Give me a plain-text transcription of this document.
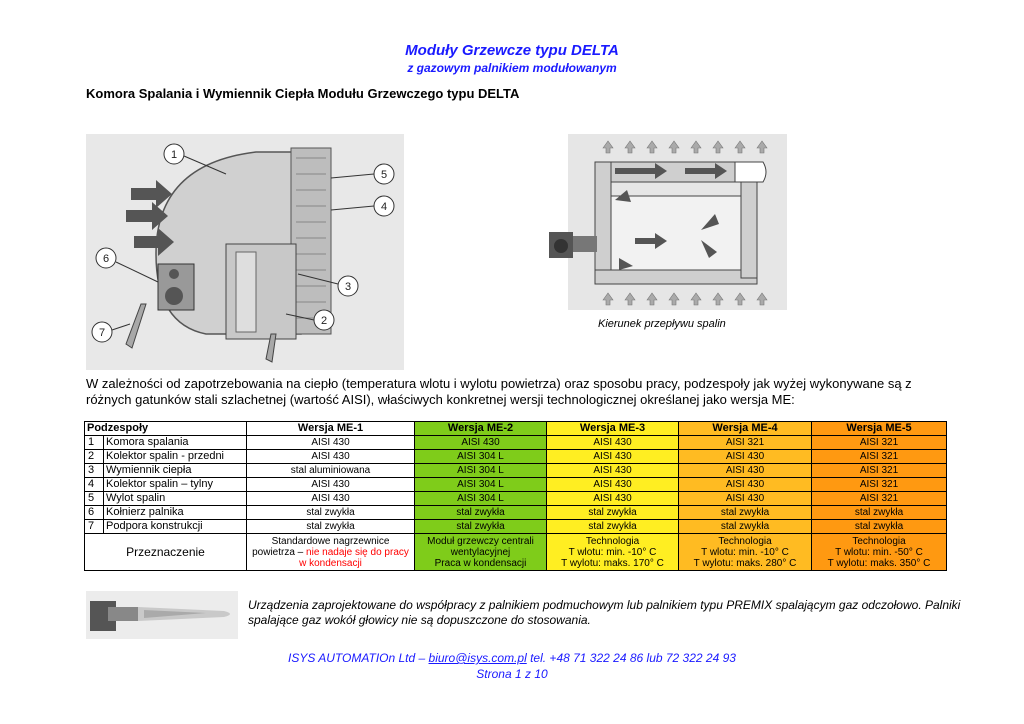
Moduły Grzewcze typu DELTA
z gazowym palnikiem modułowanym
Komora Spalania i Wymiennik Ciepła Modułu Grzewczego typu DELTA
1
5
4
6
3
2
7
Kierunek przepływu spalin
W zależności od zapotrzebowania na ciepło (temperatura wlotu i wylotu powietrza) oraz sposobu pracy, podzespoły jak wyżej wykonywane są z różnych gatunków stali szlachetnej (wartość AISI), właściwych konkretnej wersji technologicznej określanej jako wersja ME:
Podzespoły		Wersja ME-1	Wersja ME-2	Wersja ME-3	Wersja ME-4	Wersja ME-5
1	Komora spalania	AISI 430	AISI 430	AISI 430	AISI 321	AISI 321
2	Kolektor spalin - przedni	AISI 430	AISI 304 L	AISI 430	AISI 430	AISI 321
3	Wymiennik ciepła	stal aluminiowana	AISI 304 L	AISI 430	AISI 430	AISI 321
4	Kolektor spalin – tylny	AISI 430	AISI 304 L	AISI 430	AISI 430	AISI 321
5	Wylot spalin	AISI 430	AISI 304 L	AISI 430	AISI 430	AISI 321
6	Kołnierz palnika	stal zwykła	stal zwykła	stal zwykła	stal zwykła	stal zwykła
7	Podpora konstrukcji	stal zwykła	stal zwykła	stal zwykła	stal zwykła	stal zwykła
Przeznaczenie		Standardowe nagrzewnice
powietrza – nie nadaje się do pracy w kondensacji	Moduł grzewczy centrali
wentylacyjnej
Praca w kondensacji	Technologia
T wlotu: min. -10° C
T wylotu: maks. 170° C	Technologia
T wlotu: min. -10° C
T wylotu: maks. 280° C	Technologia
T wlotu: min. -50° C
T wylotu: maks. 350° C
Urządzenia zaprojektowane do współpracy z palnikiem podmuchowym lub palnikiem typu PREMIX spalającym gaz odczołowo. Palniki spalające gaz wokół głowicy nie są dopuszczone do stosowania.
ISYS AUTOMATIOn Ltd – biuro@isys.com.pl tel. +48 71 322 24 86 lub 72 322 24 93
Strona 1 z 10
